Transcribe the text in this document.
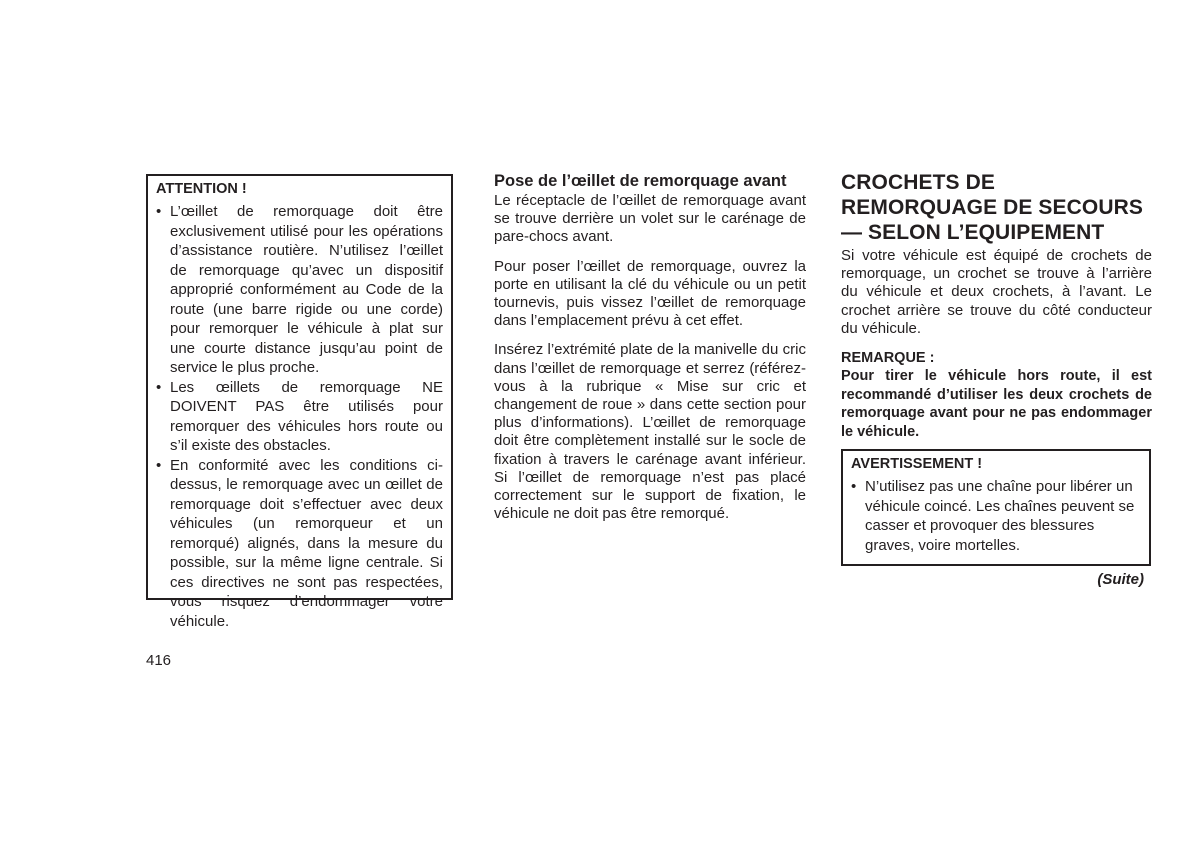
ATTENTION !

• L’œillet de remorquage doit être exclusivement utilisé pour les opérations d’assistance routière. N’utilisez l’œillet de remorquage qu’avec un dispositif approprié conformément au Code de la route (une barre rigide ou une corde) pour remorquer le véhicule à plat sur une courte distance jusqu’au point de service le plus proche.

• Les œillets de remorquage NE DOIVENT PAS être utilisés pour remorquer des véhicules hors route ou s’il existe des obstacles.

• En conformité avec les conditions ci-dessus, le remorquage avec un œillet de remorquage doit s’effectuer avec deux véhicules (un remorqueur et un remorqué) alignés, dans la mesure du possible, sur la même ligne centrale. Si ces directives ne sont pas respectées, vous risquez d’endommager votre véhicule.

Pose de l’œillet de remorquage avant

Le réceptacle de l’œillet de remorquage avant se trouve derrière un volet sur le carénage de pare-chocs avant.

Pour poser l’œillet de remorquage, ouvrez la porte en utilisant la clé du véhicule ou un petit tournevis, puis vissez l’œillet de remorquage dans l’emplacement prévu à cet effet.

Insérez l’extrémité plate de la manivelle du cric dans l’œillet de remorquage et serrez (référez-vous à la rubrique « Mise sur cric et changement de roue » dans cette section pour plus d’informations). L’œillet de remorquage doit être complètement installé sur le socle de fixation à travers le carénage avant inférieur. Si l’œillet de remorquage n’est pas placé correctement sur le support de fixation, le véhicule ne doit pas être remorqué.

CROCHETS DE REMORQUAGE DE SECOURS — SELON L’EQUIPEMENT

Si votre véhicule est équipé de crochets de remorquage, un crochet se trouve à l’arrière du véhicule et deux crochets, à l’avant. Le crochet arrière se trouve du côté conducteur du véhicule.

REMARQUE :

Pour tirer le véhicule hors route, il est recommandé d’utiliser les deux crochets de remorquage avant pour ne pas endommager le véhicule.

AVERTISSEMENT !

• N’utilisez pas une chaîne pour libérer un véhicule coincé. Les chaînes peuvent se casser et provoquer des blessures graves, voire mortelles.

(Suite)
416
